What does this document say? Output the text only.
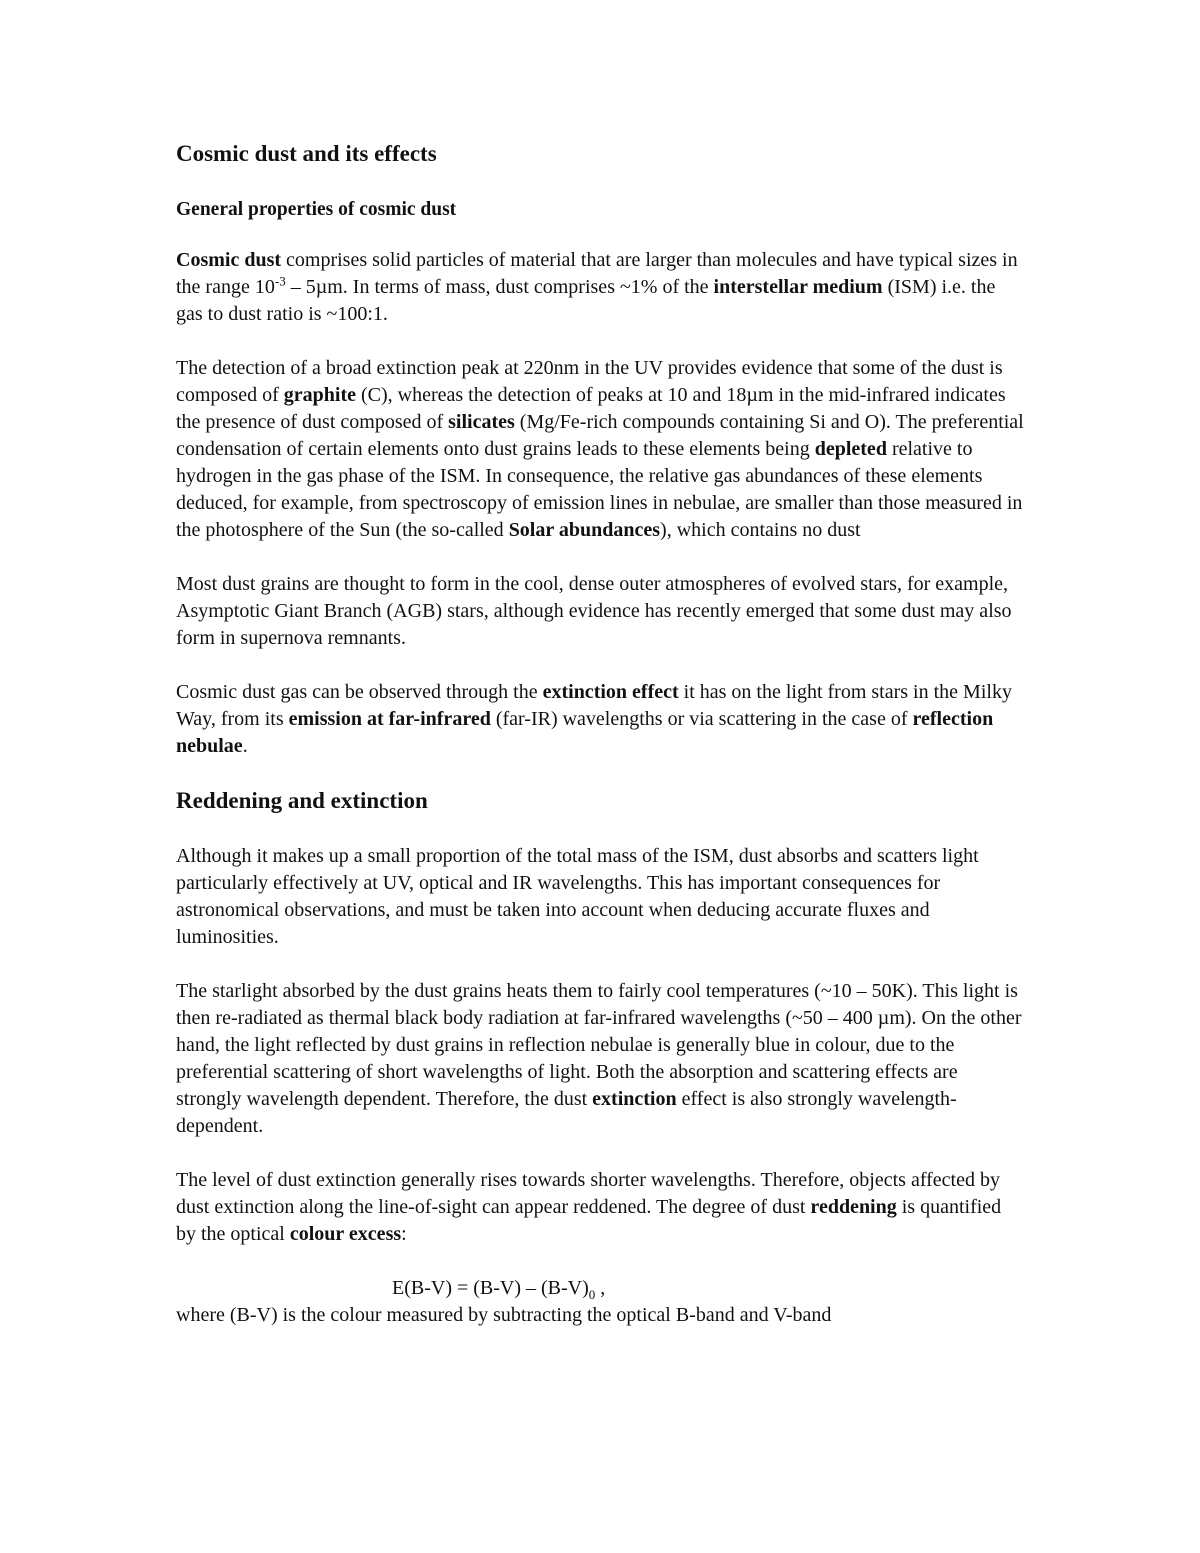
Cosmic dust and its effects
General properties of cosmic dust

Cosmic dust comprises solid particles of material that are larger than molecules and have typical sizes in the range $10^{-3} - 5\mu m$. In terms of mass, dust comprises ~1% of the interstellar medium (ISM) i.e. the gas to dust ratio is ~100:1.

The detection of a broad extinction peak at 220nm in the UV provides evidence that some of the dust is composed of graphite (C), whereas the detection of peaks at 10 and 18µm in the mid-infrared indicates the presence of dust composed of silicates (Mg/Fe-rich compounds containing Si and O). The preferential condensation of certain elements onto dust grains leads to these elements being depleted relative to hydrogen in the gas phase of the ISM. In consequence, the relative gas abundances of these elements deduced, for example, from spectroscopy of emission lines in nebulae, are smaller than those measured in the photosphere of the Sun (the so-called Solar abundances), which contains no dust

Most dust grains are thought to form in the cool, dense outer atmospheres of evolved stars, for example, Asymptotic Giant Branch (AGB) stars, although evidence has recently emerged that some dust may also form in supernova remnants.

Cosmic dust gas can be observed through the extinction effect it has on the light from stars in the Milky Way, from its emission at far-infrared (far-IR) wavelengths or via scattering in the case of reflection nebulae.

Reddening and extinction

Although it makes up a small proportion of the total mass of the ISM, dust absorbs and scatters light particularly effectively at UV, optical and IR wavelengths. This has important consequences for astronomical observations, and must be taken into account when deducing accurate fluxes and luminosities.

The starlight absorbed by the dust grains heats them to fairly cool temperatures (~10 – 50K). This light is then re-radiated as thermal black body radiation at far-infrared wavelengths (~50 – 400 µm). On the other hand, the light reflected by dust grains in reflection nebulae is generally blue in colour, due to the preferential scattering of short wavelengths of light. Both the absorption and scattering effects are strongly wavelength dependent. Therefore, the dust extinction effect is also strongly wavelength-dependent.

The level of dust extinction generally rises towards shorter wavelengths. Therefore, objects affected by dust extinction along the line-of-sight can appear reddened. The degree of dust reddening is quantified by the optical colour excess:

$E(B-V) = (B-V) - (B-V)_0$ ,

where (B-V) is the colour measured by subtracting the optical B-band and V-band
